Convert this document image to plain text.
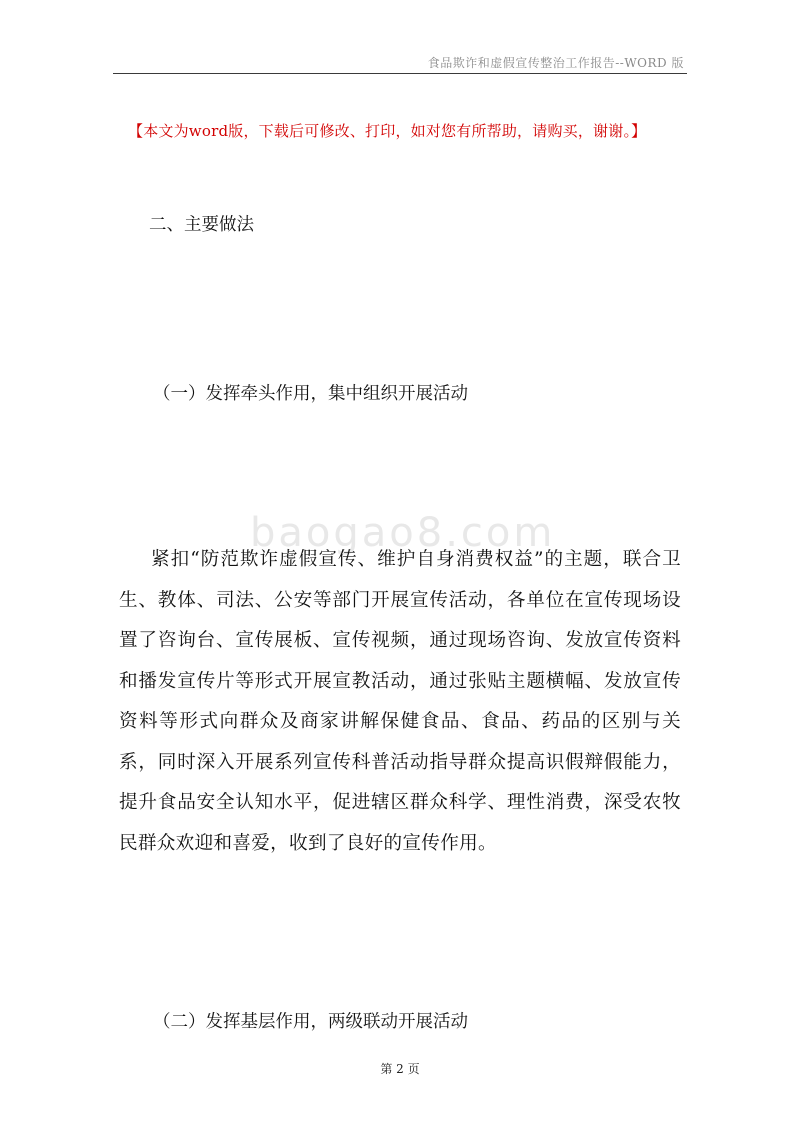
食品欺诈和虚假宣传整治工作报告--WORD 版
【本文为word版，下载后可修改、打印，如对您有所帮助，请购买，谢谢。】
baogao8.com
二、主要做法
（一）发挥牵头作用，集中组织开展活动
紧扣“防范欺诈虚假宣传、维护自身消费权益”的主题，联合卫生、教体、司法、公安等部门开展宣传活动，各单位在宣传现场设置了咨询台、宣传展板、宣传视频，通过现场咨询、发放宣传资料和播发宣传片等形式开展宣教活动，通过张贴主题横幅、发放宣传资料等形式向群众及商家讲解保健食品、食品、药品的区别与关系，同时深入开展系列宣传科普活动指导群众提高识假辩假能力，提升食品安全认知水平，促进辖区群众科学、理性消费，深受农牧民群众欢迎和喜爱，收到了良好的宣传作用。
（二）发挥基层作用，两级联动开展活动
第 2 页
